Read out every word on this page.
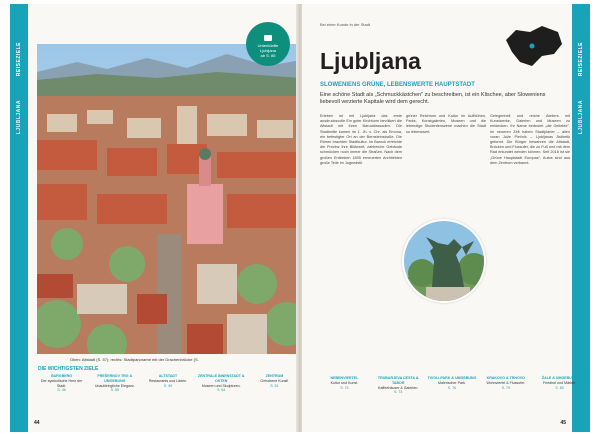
REISEZIELE
LJUBLJANA
Unterkünfte
Ljubljana
ab S. 86
Oben: Altstadt (S. 57); rechts: Stadtpanorame mit der Drachenbrücke (S.
DIE WICHTIGSTEN ZIELE
BURGBERG
Der symbolische Herz der Stadt.
S. 46
PREŠERNOV TRG & UMGEBUNG
Unaufdringliche Eleganz.
S. 55
ALTSTADT
Restaurants und Läden.
S. 59
ZENTRALE INNENSTADT & OSTEN
Museen und Skulpturen.
S. 64
ZENTRUM
Gehobene Kunst!
S. 61
44
REISEZIELE
LJUBLJANA
Bei einer Kunde in der Stadt
Ljubljana
SLOWENIENS GRÜNE, LEBENSWERTE HAUPTSTADT
Eine schöne Stadt als „Schmuckkästchen" zu beschreiben, ist ein Klischee, aber Sloweniens liebevoll verzierte Kapitale wird dem gerecht.
Erleben ist mit Ljubljana das erste ausdrucksvolle Ein guter Kirchturm bevölkert die Altstadt mit ihren Barockfassaden. Die Stadtmitte kamen im 1. Jh. v. Chr. als Emona, ein befestigter Ort an der Bernsteinstraße. Die Römer brachten Stadtkultur. Im Barock erreichte die Provinz ihre Blütezeit, zahlreiche Gebäude schmücken noch immer die Straßen. Nach dem großen Erdbeben 1895 erneuerten Architekten große Teile im Jugendstil.
grüner Reichtum und Kultur im Aufblühen, Parks, Kunstgalerien, Museen und die lebendige Studentenszene machen die Stadt so lebenswert.
Gelegenheit und reiche Ateliers mit Kunstwerke, Galerien und Museen zu entdecken. Ihr Name bedeutet „die Geliebte". Im neueren Zeit haben Stadtplaner – allen voran Jože Plečnik – Ljubljanas Ästhetik geformt. Die Bürger bewahren die Altstadt, Brücken und Flussufer, die zu Fuß und mit dem Rad erkundet werden können. Seit 2016 ist sie „Grüne Hauptstadt Europas", Autos sind aus dem Zentrum verbannt.
NEBENVIERTEL
Kultur und Kunst.
S. 74
TRUBARJEVA CESTA & TABOR
Kaffeehäuser & Galerien.
S. 74
TIVOLI-PARK & UMGEBUNG
Malerischer Park.
S. 76
KRAKOVO & TRNOVO
Wohnviertel & Flussufer.
S. 79
ŽALE & UMGEBUNG
Friedhof und Märkte.
S. 80
45
